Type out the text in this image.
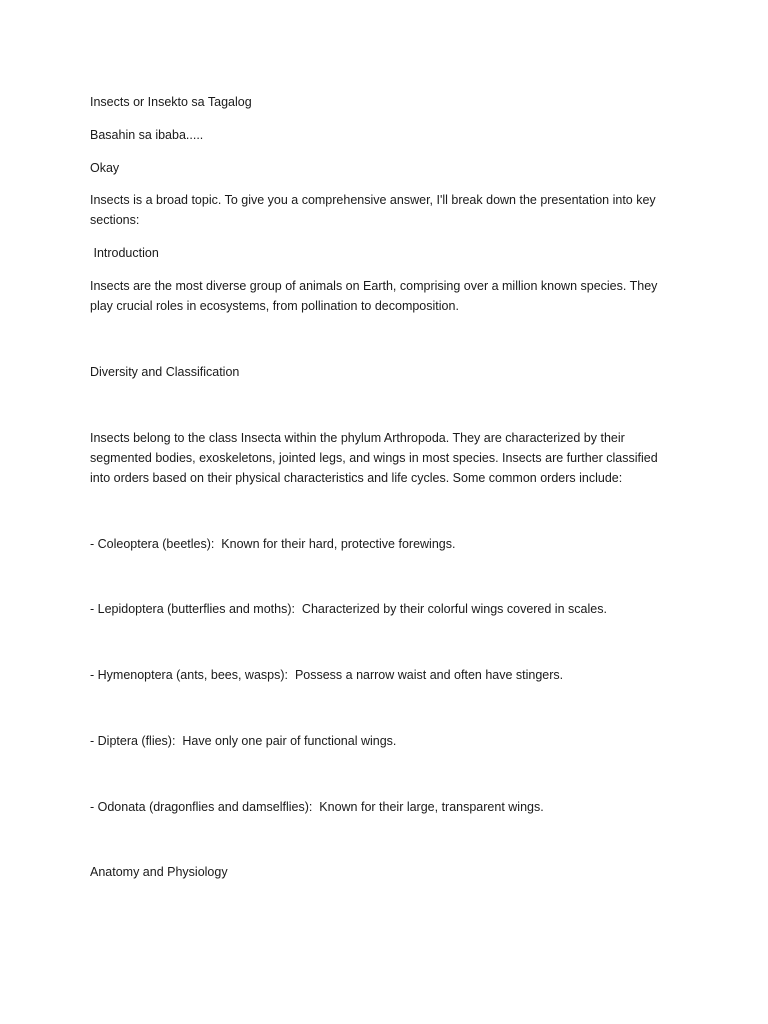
Insects or Insekto sa Tagalog

Basahin sa ibaba.....

Okay

Insects is a broad topic. To give you a comprehensive answer, I'll break down the presentation into key sections:

Introduction

Insects are the most diverse group of animals on Earth, comprising over a million known species. They play crucial roles in ecosystems, from pollination to decomposition.

Diversity and Classification

Insects belong to the class Insecta within the phylum Arthropoda. They are characterized by their segmented bodies, exoskeletons, jointed legs, and wings in most species. Insects are further classified into orders based on their physical characteristics and life cycles. Some common orders include:

- Coleoptera (beetles):  Known for their hard, protective forewings.

- Lepidoptera (butterflies and moths):  Characterized by their colorful wings covered in scales.

- Hymenoptera (ants, bees, wasps):  Possess a narrow waist and often have stingers.

- Diptera (flies):  Have only one pair of functional wings.

- Odonata (dragonflies and damselflies):  Known for their large, transparent wings.

Anatomy and Physiology
